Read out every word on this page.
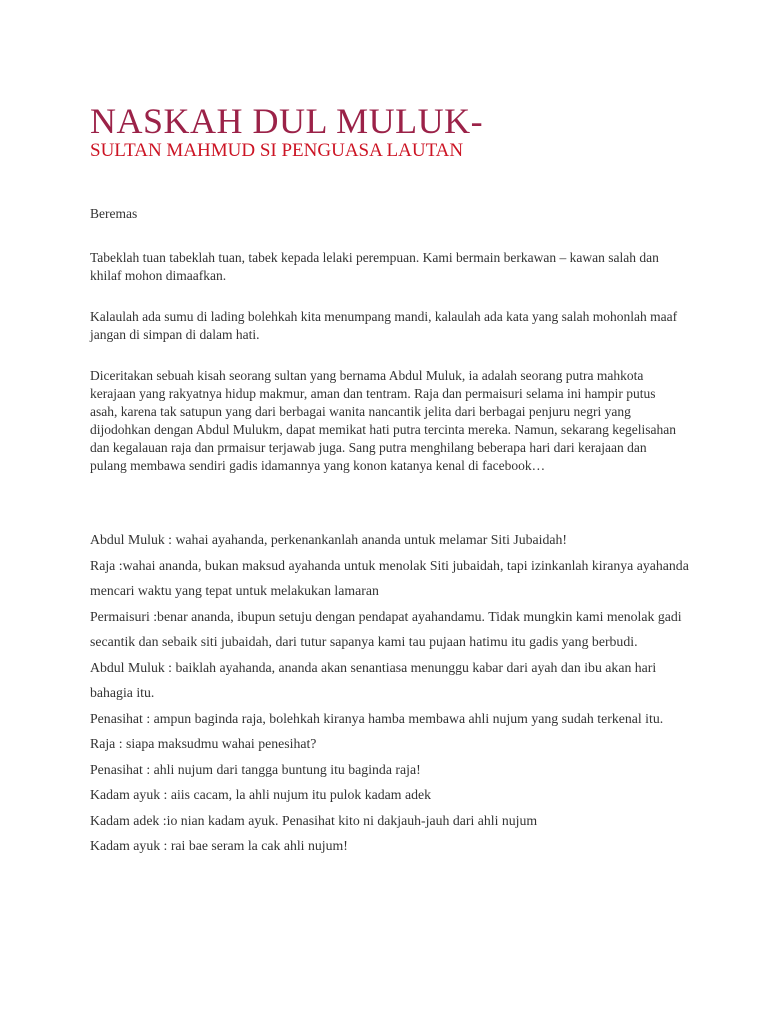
NASKAH DUL MULUK-
SULTAN MAHMUD SI PENGUASA LAUTAN
Beremas

Tabeklah tuan tabeklah tuan, tabek kepada lelaki perempuan. Kami bermain berkawan – kawan salah dan khilaf mohon dimaafkan.

Kalaulah ada sumu di lading bolehkah kita menumpang mandi, kalaulah ada kata yang salah mohonlah maaf jangan di simpan di dalam hati.

Diceritakan sebuah kisah seorang sultan yang bernama Abdul Muluk, ia adalah seorang putra mahkota kerajaan yang rakyatnya hidup makmur, aman dan tentram. Raja dan permaisuri selama ini hampir putus asah, karena tak satupun yang dari berbagai wanita nancantik jelita dari berbagai penjuru negri yang dijodohkan dengan Abdul Mulukm, dapat memikat hati putra tercinta mereka. Namun, sekarang kegelisahan dan kegalauan raja dan prmaisur terjawab juga. Sang putra menghilang beberapa hari dari kerajaan dan pulang membawa sendiri gadis idamannya yang konon katanya kenal di facebook…

Abdul Muluk : wahai ayahanda, perkenankanlah ananda untuk melamar Siti Jubaidah!

Raja :wahai ananda, bukan maksud ayahanda untuk menolak Siti jubaidah, tapi izinkanlah kiranya ayahanda mencari waktu yang tepat untuk melakukan lamaran

Permaisuri :benar ananda, ibupun setuju dengan pendapat ayahandamu. Tidak mungkin kami menolak gadi secantik dan sebaik siti jubaidah, dari tutur sapanya kami tau pujaan hatimu itu gadis yang berbudi.

Abdul Muluk : baiklah ayahanda, ananda akan senantiasa menunggu kabar dari ayah dan ibu akan hari bahagia itu.

Penasihat : ampun baginda raja, bolehkah kiranya hamba membawa ahli nujum yang sudah terkenal itu.

Raja : siapa maksudmu wahai penesihat?

Penasihat : ahli nujum dari tangga buntung itu baginda raja!

Kadam ayuk : aiis cacam, la ahli nujum itu pulok kadam adek

Kadam adek :io nian kadam ayuk. Penasihat kito ni dakjauh-jauh dari ahli nujum

Kadam ayuk : rai bae seram la cak ahli nujum!
